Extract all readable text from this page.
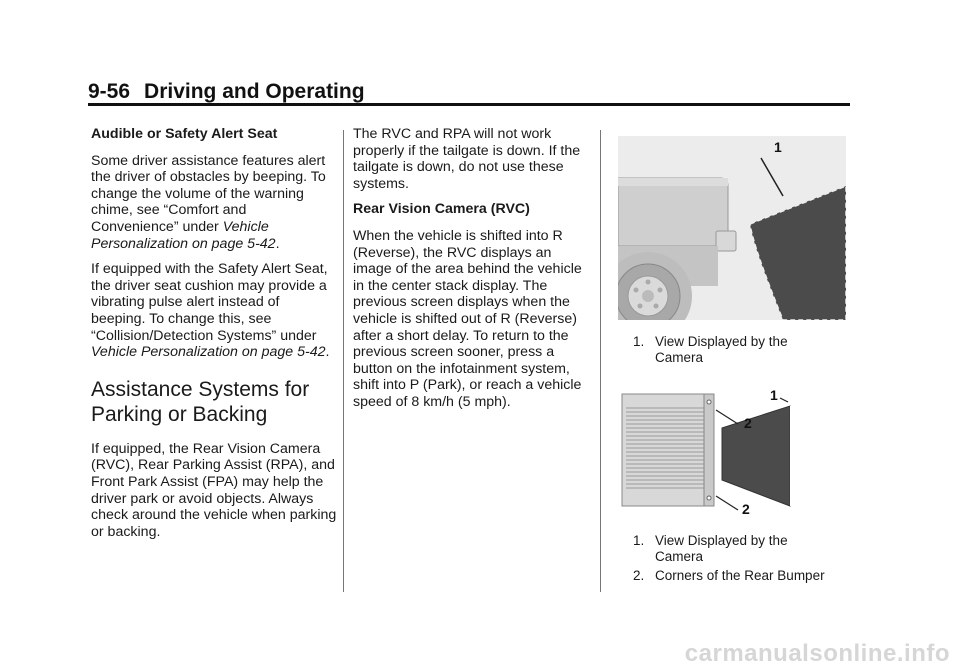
9-56 Driving and Operating

Audible or Safety Alert Seat

Some driver assistance features alert the driver of obstacles by beeping. To change the volume of the warning chime, see “Comfort and Convenience” under Vehicle Personalization on page 5-42.

If equipped with the Safety Alert Seat, the driver seat cushion may provide a vibrating pulse alert instead of beeping. To change this, see “Collision/Detection Systems” under Vehicle Personalization on page 5-42.

Assistance Systems for Parking or Backing

If equipped, the Rear Vision Camera (RVC), Rear Parking Assist (RPA), and Front Park Assist (FPA) may help the driver park or avoid objects. Always check around the vehicle when parking or backing.

The RVC and RPA will not work properly if the tailgate is down. If the tailgate is down, do not use these systems.

Rear Vision Camera (RVC)

When the vehicle is shifted into R (Reverse), the RVC displays an image of the area behind the vehicle in the center stack display. The previous screen displays when the vehicle is shifted out of R (Reverse) after a short delay. To return to the previous screen sooner, press a button on the infotainment system, shift into P (Park), or reach a vehicle speed of 8 km/h (5 mph).

1
1. View Displayed by the Camera
2
1
2
1. View Displayed by the Camera
2. Corners of the Rear Bumper
carmanualsonline.info
